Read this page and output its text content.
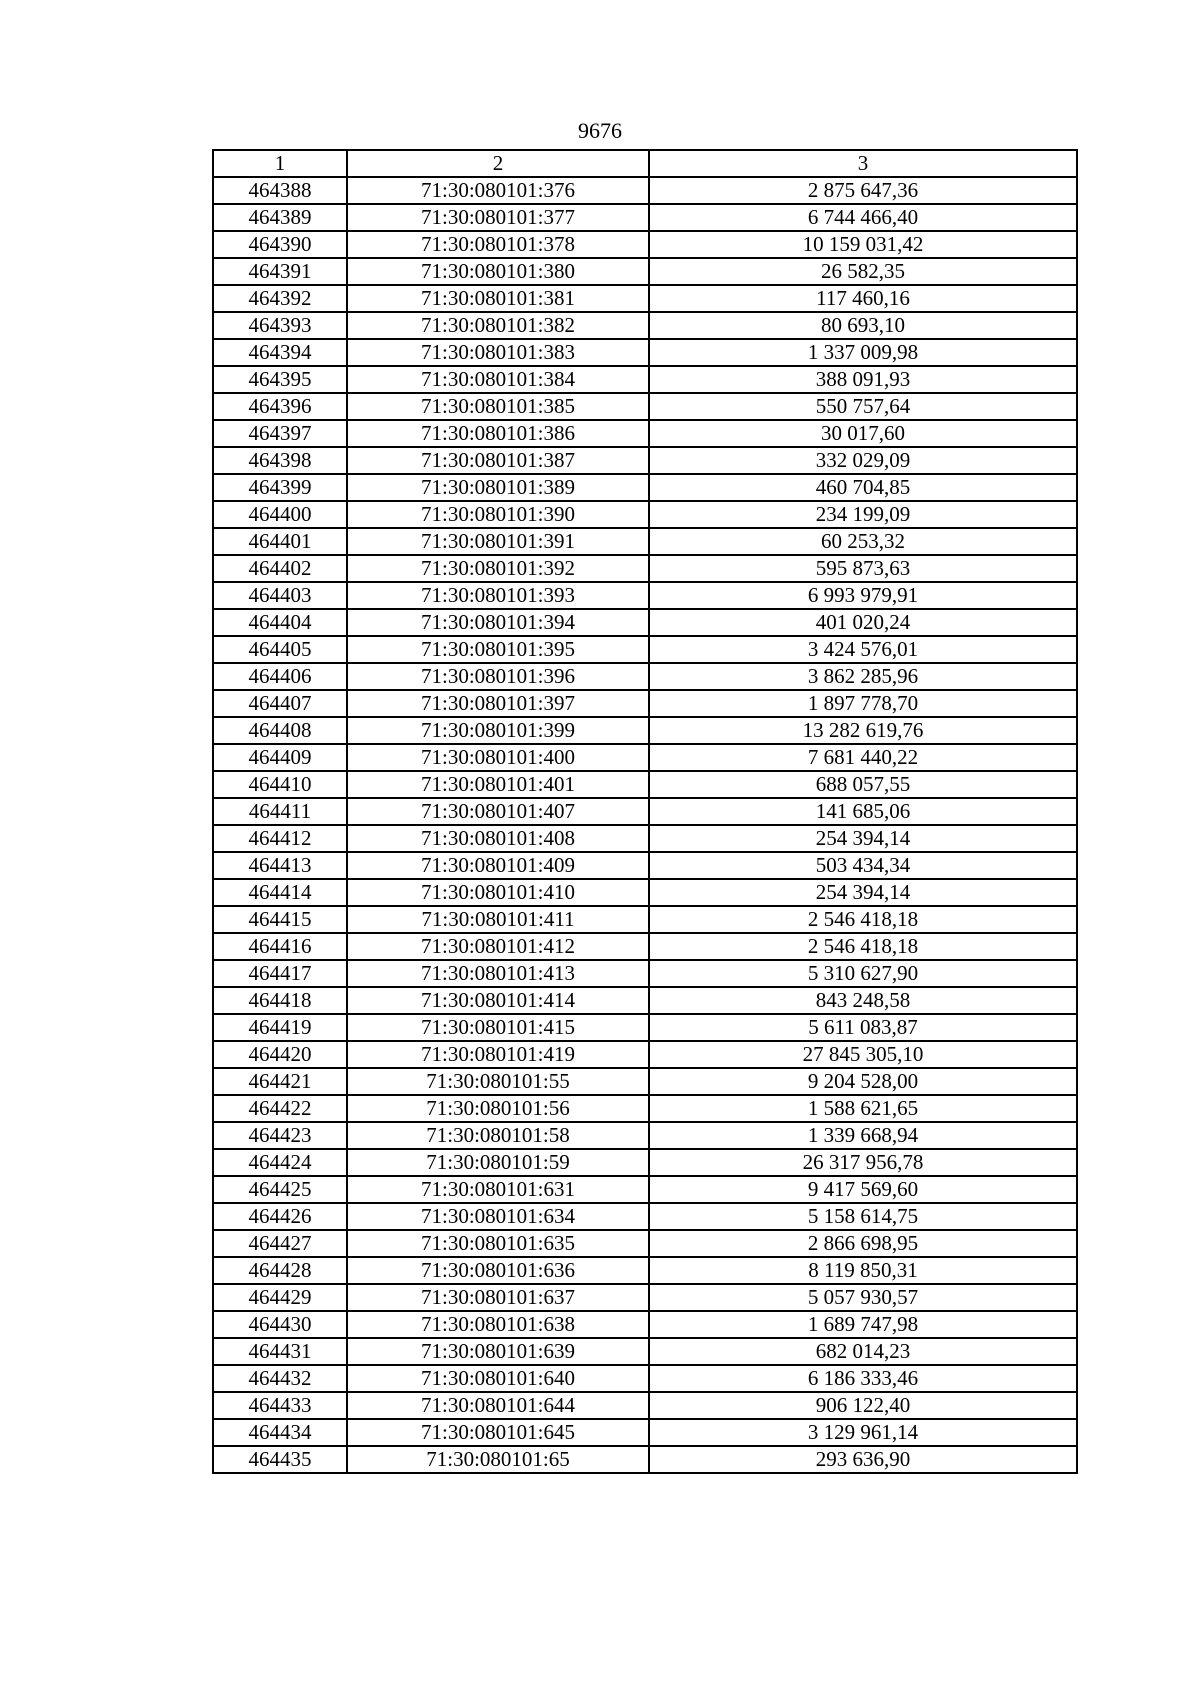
9676
1	2	3
464388	71:30:080101:376	2 875 647,36
464389	71:30:080101:377	6 744 466,40
464390	71:30:080101:378	10 159 031,42
464391	71:30:080101:380	26 582,35
464392	71:30:080101:381	117 460,16
464393	71:30:080101:382	80 693,10
464394	71:30:080101:383	1 337 009,98
464395	71:30:080101:384	388 091,93
464396	71:30:080101:385	550 757,64
464397	71:30:080101:386	30 017,60
464398	71:30:080101:387	332 029,09
464399	71:30:080101:389	460 704,85
464400	71:30:080101:390	234 199,09
464401	71:30:080101:391	60 253,32
464402	71:30:080101:392	595 873,63
464403	71:30:080101:393	6 993 979,91
464404	71:30:080101:394	401 020,24
464405	71:30:080101:395	3 424 576,01
464406	71:30:080101:396	3 862 285,96
464407	71:30:080101:397	1 897 778,70
464408	71:30:080101:399	13 282 619,76
464409	71:30:080101:400	7 681 440,22
464410	71:30:080101:401	688 057,55
464411	71:30:080101:407	141 685,06
464412	71:30:080101:408	254 394,14
464413	71:30:080101:409	503 434,34
464414	71:30:080101:410	254 394,14
464415	71:30:080101:411	2 546 418,18
464416	71:30:080101:412	2 546 418,18
464417	71:30:080101:413	5 310 627,90
464418	71:30:080101:414	843 248,58
464419	71:30:080101:415	5 611 083,87
464420	71:30:080101:419	27 845 305,10
464421	71:30:080101:55	9 204 528,00
464422	71:30:080101:56	1 588 621,65
464423	71:30:080101:58	1 339 668,94
464424	71:30:080101:59	26 317 956,78
464425	71:30:080101:631	9 417 569,60
464426	71:30:080101:634	5 158 614,75
464427	71:30:080101:635	2 866 698,95
464428	71:30:080101:636	8 119 850,31
464429	71:30:080101:637	5 057 930,57
464430	71:30:080101:638	1 689 747,98
464431	71:30:080101:639	682 014,23
464432	71:30:080101:640	6 186 333,46
464433	71:30:080101:644	906 122,40
464434	71:30:080101:645	3 129 961,14
464435	71:30:080101:65	293 636,90
